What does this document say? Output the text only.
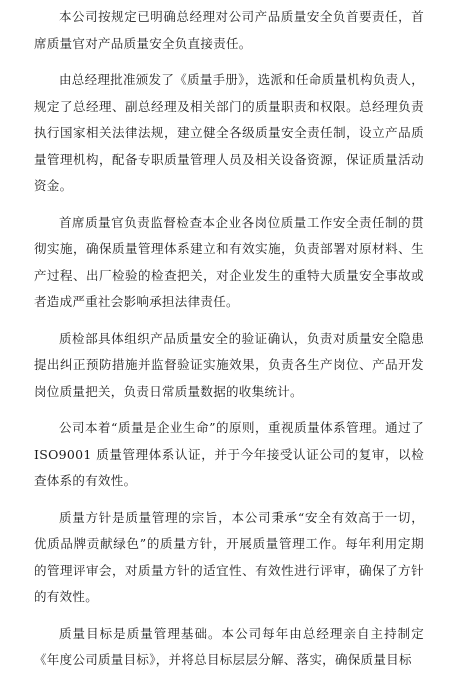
本公司按规定已明确总经理对公司产品质量安全负首要责任，首席质量官对产品质量安全负直接责任。

由总经理批准颁发了《质量手册》，选派和任命质量机构负责人，规定了总经理、副总经理及相关部门的质量职责和权限。总经理负责执行国家相关法律法规，建立健全各级质量安全责任制，设立产品质量管理机构，配备专职质量管理人员及相关设备资源，保证质量活动资金。

首席质量官负责监督检查本企业各岗位质量工作安全责任制的贯彻实施，确保质量管理体系建立和有效实施，负责部署对原材料、生产过程、出厂检验的检查把关，对企业发生的重特大质量安全事故或者造成严重社会影响承担法律责任。

质检部具体组织产品质量安全的验证确认，负责对质量安全隐患提出纠正预防措施并监督验证实施效果，负责各生产岗位、产品开发岗位质量把关，负责日常质量数据的收集统计。

公司本着“质量是企业生命”的原则，重视质量体系管理。通过了 ISO9001 质量管理体系认证，并于今年接受认证公司的复审，以检查体系的有效性。

质量方针是质量管理的宗旨，本公司秉承“安全有效高于一切，优质品牌贡献绿色”的质量方针，开展质量管理工作。每年利用定期的管理评审会，对质量方针的适宜性、有效性进行评审，确保了方针的有效性。

质量目标是质量管理基础。本公司每年由总经理亲自主持制定《年度公司质量目标》，并将总目标层层分解、落实，确保质量目标
